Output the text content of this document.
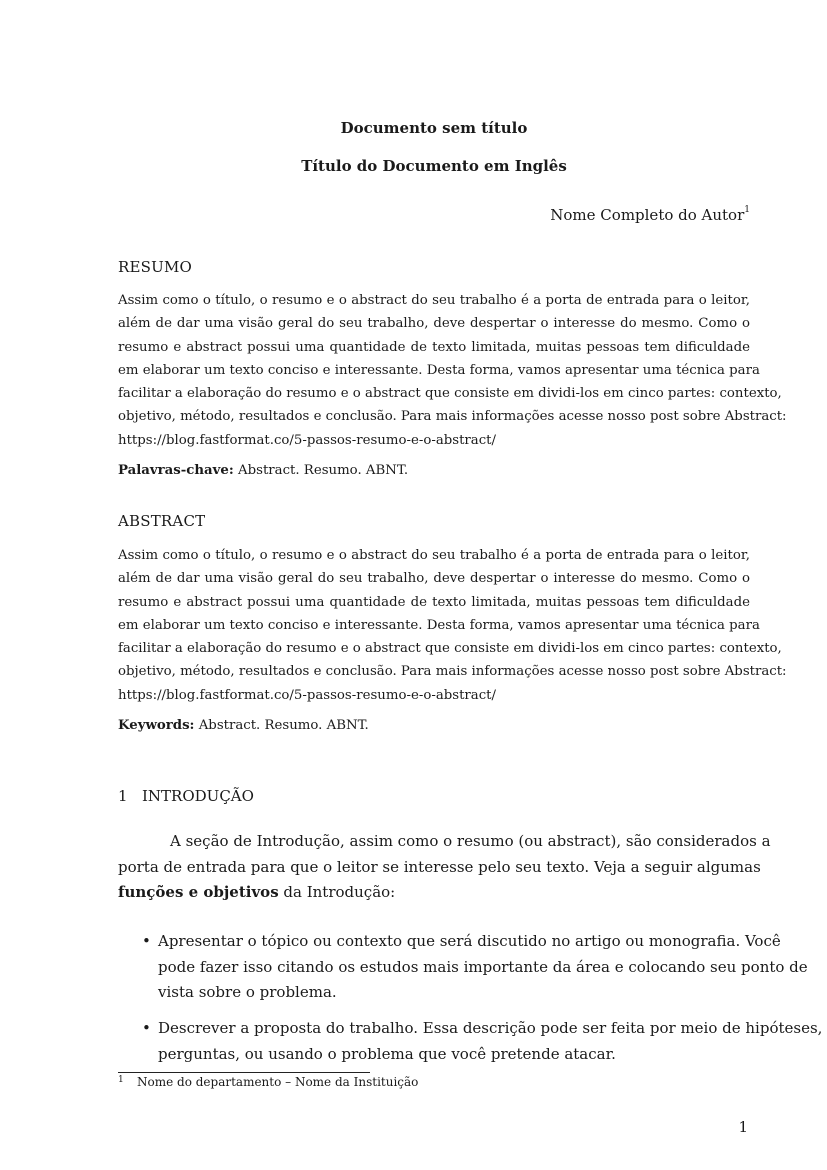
Documento sem título
Título do Documento em Inglês
Nome Completo do Autor$^1$
RESUMO
Assim como o título, o resumo e o abstract do seu trabalho é a porta de entrada para o leitor,
além de dar uma visão geral do seu trabalho, deve despertar o interesse do mesmo. Como o
resumo e abstract possui uma quantidade de texto limitada, muitas pessoas tem dificuldade
em elaborar um texto conciso e interessante. Desta forma, vamos apresentar uma técnica para
facilitar a elaboração do resumo e o abstract que consiste em dividi-los em cinco partes: contexto,
objetivo, método, resultados e conclusão. Para mais informações acesse nosso post sobre Abstract:
https://blog.fastformat.co/5-passos-resumo-e-o-abstract/
Palavras-chave: Abstract. Resumo. ABNT.
ABSTRACT
Assim como o título, o resumo e o abstract do seu trabalho é a porta de entrada para o leitor,
além de dar uma visão geral do seu trabalho, deve despertar o interesse do mesmo. Como o
resumo e abstract possui uma quantidade de texto limitada, muitas pessoas tem dificuldade
em elaborar um texto conciso e interessante. Desta forma, vamos apresentar uma técnica para
facilitar a elaboração do resumo e o abstract que consiste em dividi-los em cinco partes: contexto,
objetivo, método, resultados e conclusão. Para mais informações acesse nosso post sobre Abstract:
https://blog.fastformat.co/5-passos-resumo-e-o-abstract/
Keywords: Abstract. Resumo. ABNT.
1 INTRODUÇÃO
A seção de Introdução, assim como o resumo (ou abstract), são considerados a
porta de entrada para que o leitor se interesse pelo seu texto. Veja a seguir algumas
funções e objetivos da Introdução:
• Apresentar o tópico ou contexto que será discutido no artigo ou monografia. Você
pode fazer isso citando os estudos mais importante da área e colocando seu ponto de
vista sobre o problema.
• Descrever a proposta do trabalho. Essa descrição pode ser feita por meio de hipóteses,
perguntas, ou usando o problema que você pretende atacar.
1 Nome do departamento – Nome da Instituição
1
